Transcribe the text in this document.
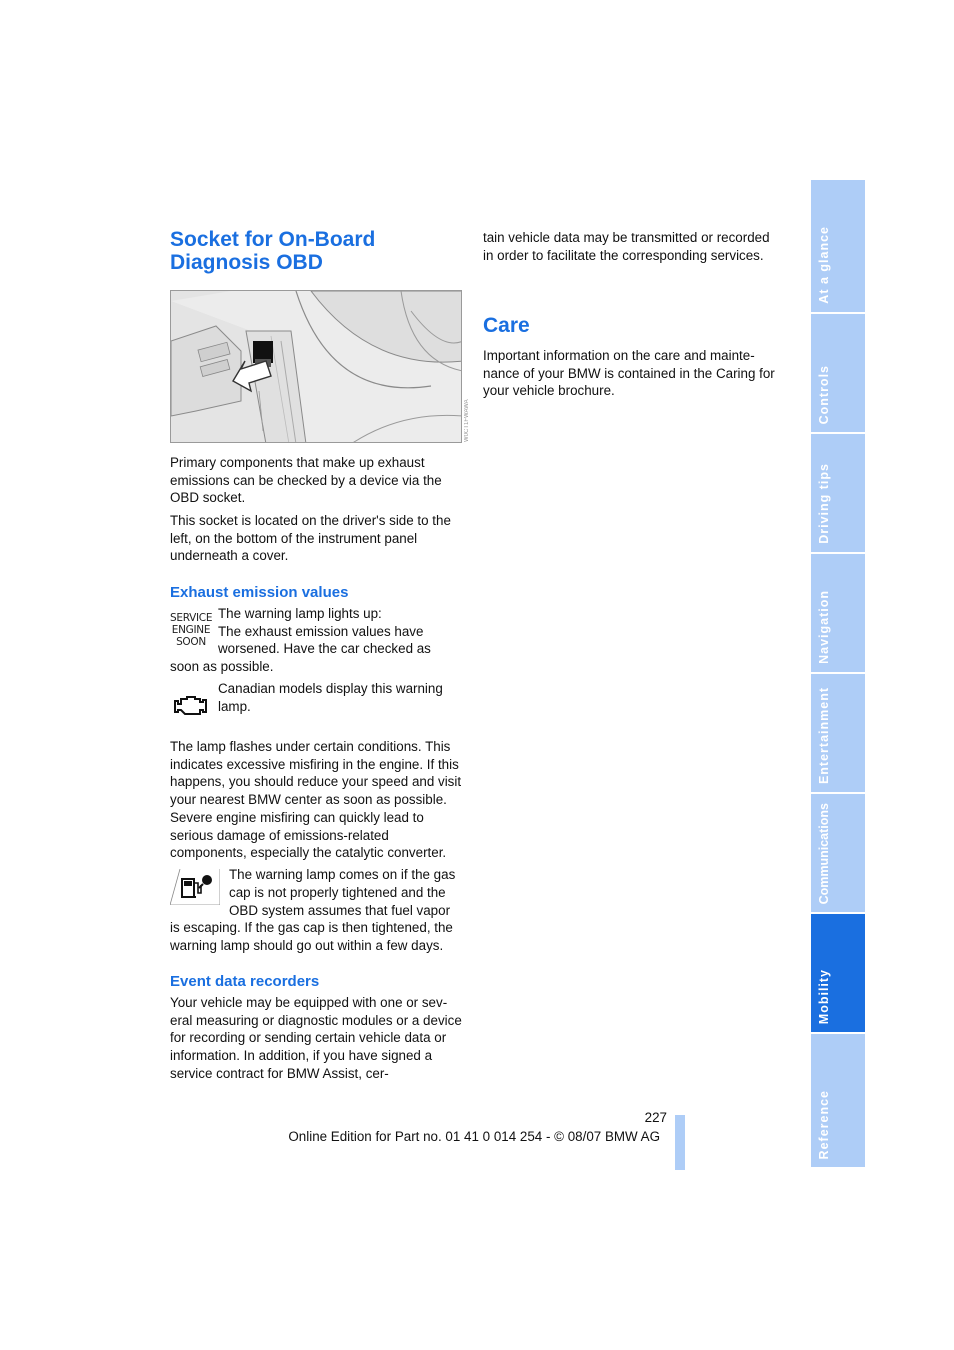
Socket for On-Board
Diagnosis OBD
W0CT1FWAWA

Primary components that make up exhaust emissions can be checked by a device via the OBD socket.

This socket is located on the driver's side to the left, on the bottom of the instrument panel underneath a cover.

Exhaust emission values
SERVICE
ENGINE
SOON

The warning lamp lights up:

The exhaust emission values have

worsened. Have the car checked as

soon as possible.

Canadian models display this warning

lamp.

The lamp flashes under certain conditions. This indicates excessive misfiring in the engine. If this happens, you should reduce your speed and visit your nearest BMW center as soon as possible. Severe engine misfiring can quickly lead to serious damage of emissions-related components, especially the catalytic converter.

The warning lamp comes on if the gas

cap is not properly tightened and the

OBD system assumes that fuel vapor

is escaping. If the gas cap is then tightened, the warning lamp should go out within a few days.

Event data recorders

Your vehicle may be equipped with one or sev-eral measuring or diagnostic modules or a device for recording or sending certain vehicle data or information. In addition, if you have signed a service contract for BMW Assist, cer-

tain vehicle data may be transmitted or recorded in order to facilitate the corresponding services.

Care

Important information on the care and mainte-nance of your BMW is contained in the Caring for your vehicle brochure.

At a glance
Controls
Driving tips
Navigation
Entertainment
Communications
Mobility
Reference
227
Online Edition for Part no. 01 41 0 014 254 - © 08/07 BMW AG
